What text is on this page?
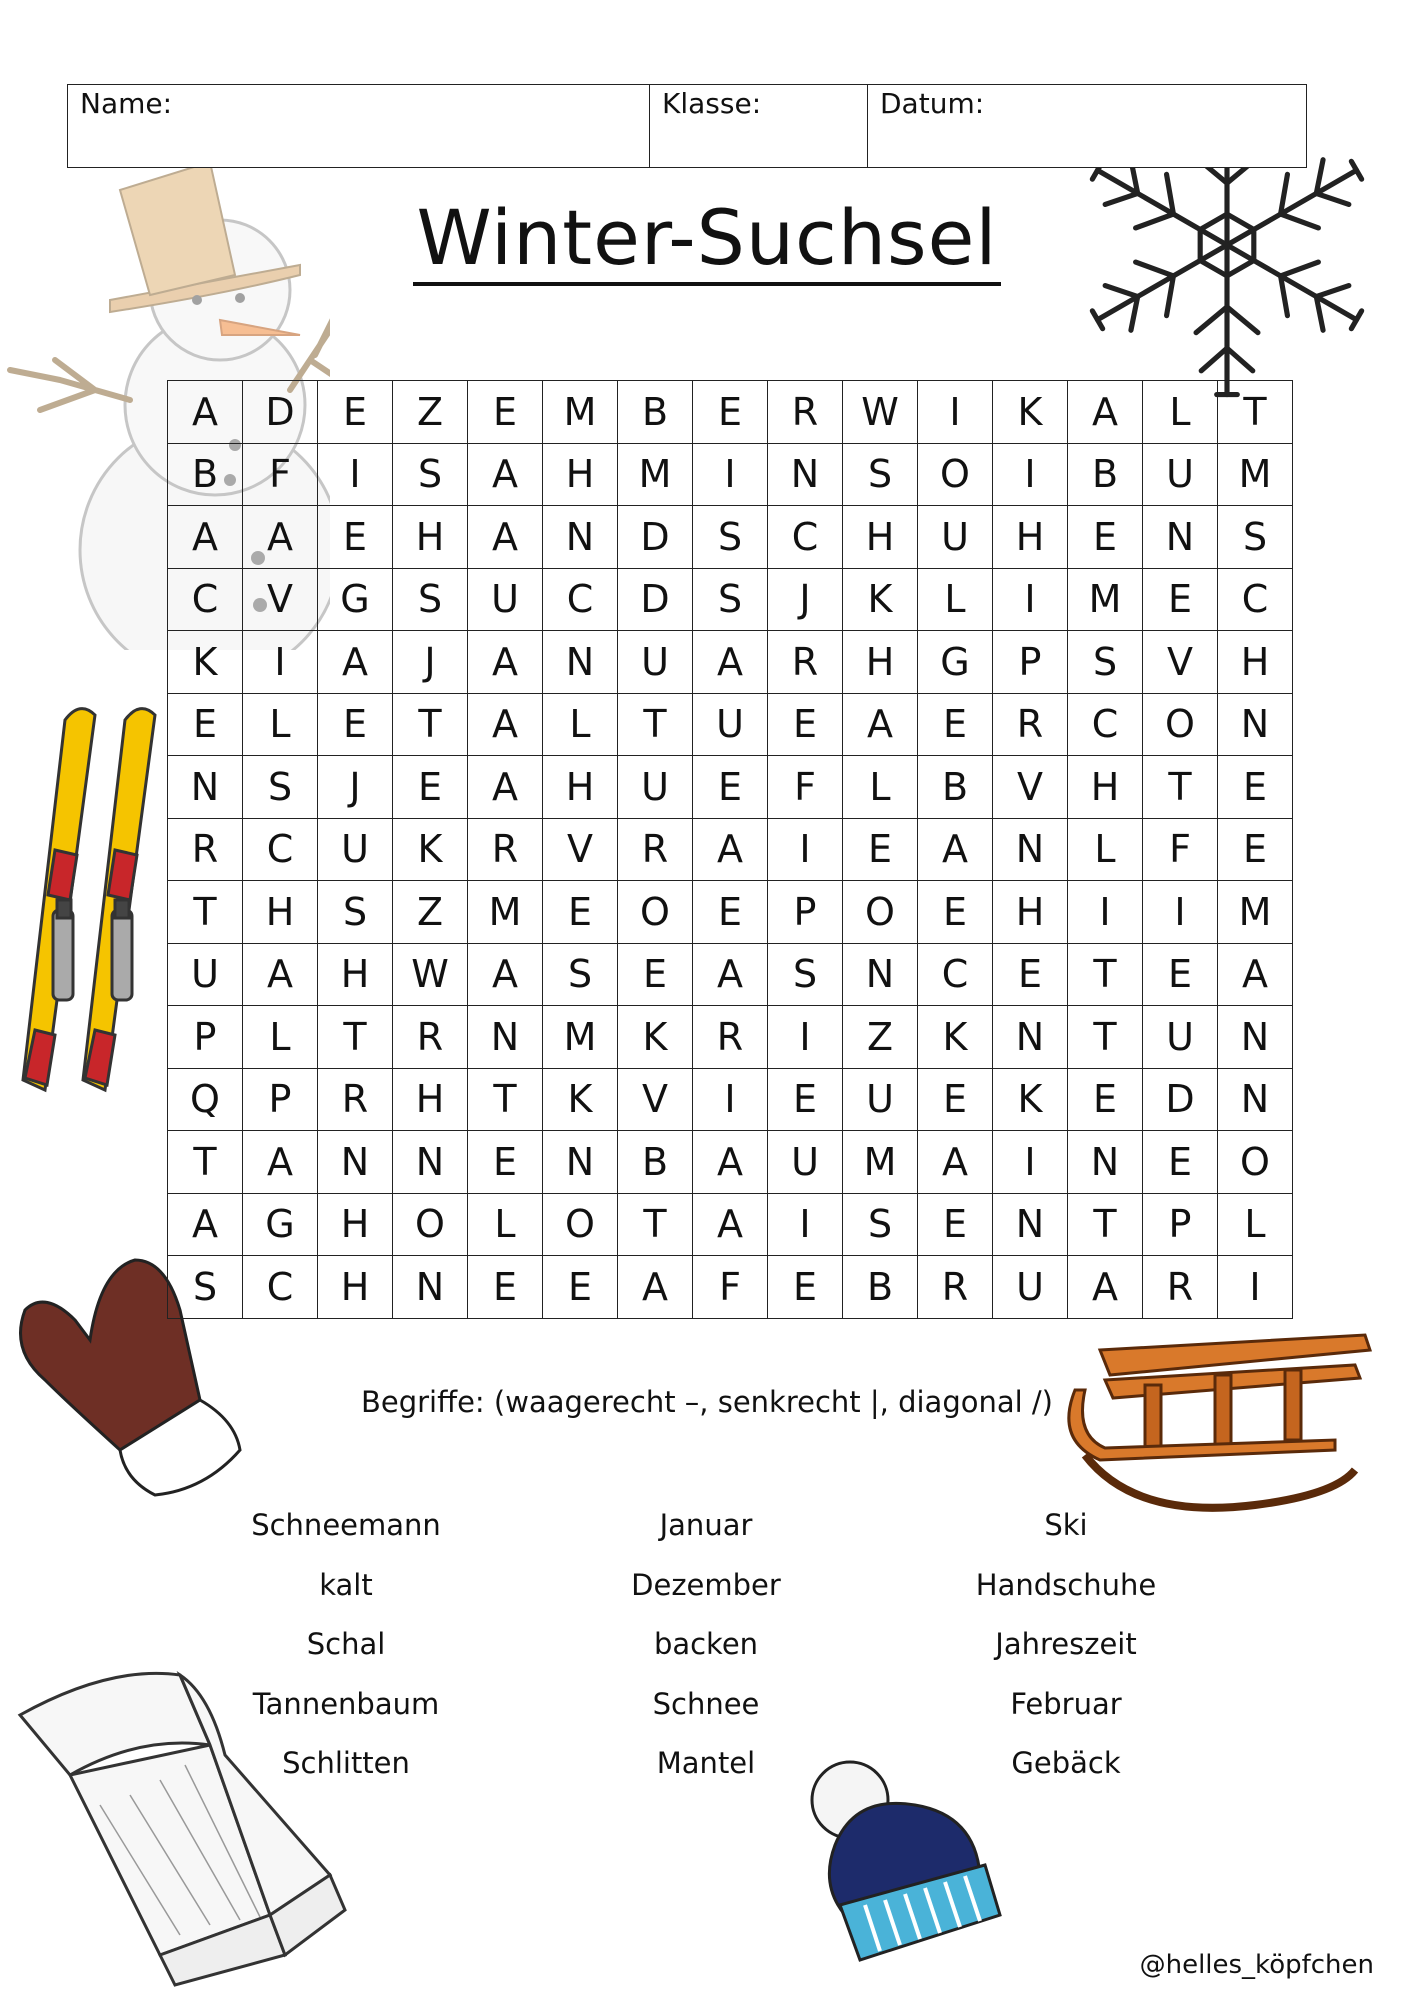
Name:	Klasse:	Datum:
Winter-Suchsel
A	D	E	Z	E	M	B	E	R	W	I	K	A	L	T
B	F	I	S	A	H	M	I	N	S	O	I	B	U	M
A	A	E	H	A	N	D	S	C	H	U	H	E	N	S
C	V	G	S	U	C	D	S	J	K	L	I	M	E	C
K	I	A	J	A	N	U	A	R	H	G	P	S	V	H
E	L	E	T	A	L	T	U	E	A	E	R	C	O	N
N	S	J	E	A	H	U	E	F	L	B	V	H	T	E
R	C	U	K	R	V	R	A	I	E	A	N	L	F	E
T	H	S	Z	M	E	O	E	P	O	E	H	I	I	M
U	A	H	W	A	S	E	A	S	N	C	E	T	E	A
P	L	T	R	N	M	K	R	I	Z	K	N	T	U	N
Q	P	R	H	T	K	V	I	E	U	E	K	E	D	N
T	A	N	N	E	N	B	A	U	M	A	I	N	E	O
A	G	H	O	L	O	T	A	I	S	E	N	T	P	L
S	C	H	N	E	E	A	F	E	B	R	U	A	R	I
Begriffe: (waagerecht –, senkrecht |, diagonal /)
Schneemann
kalt
Schal
Tannenbaum
Schlitten
Januar
Dezember
backen
Schnee
Mantel
Ski
Handschuhe
Jahreszeit
Februar
Gebäck
@helles_köpfchen
